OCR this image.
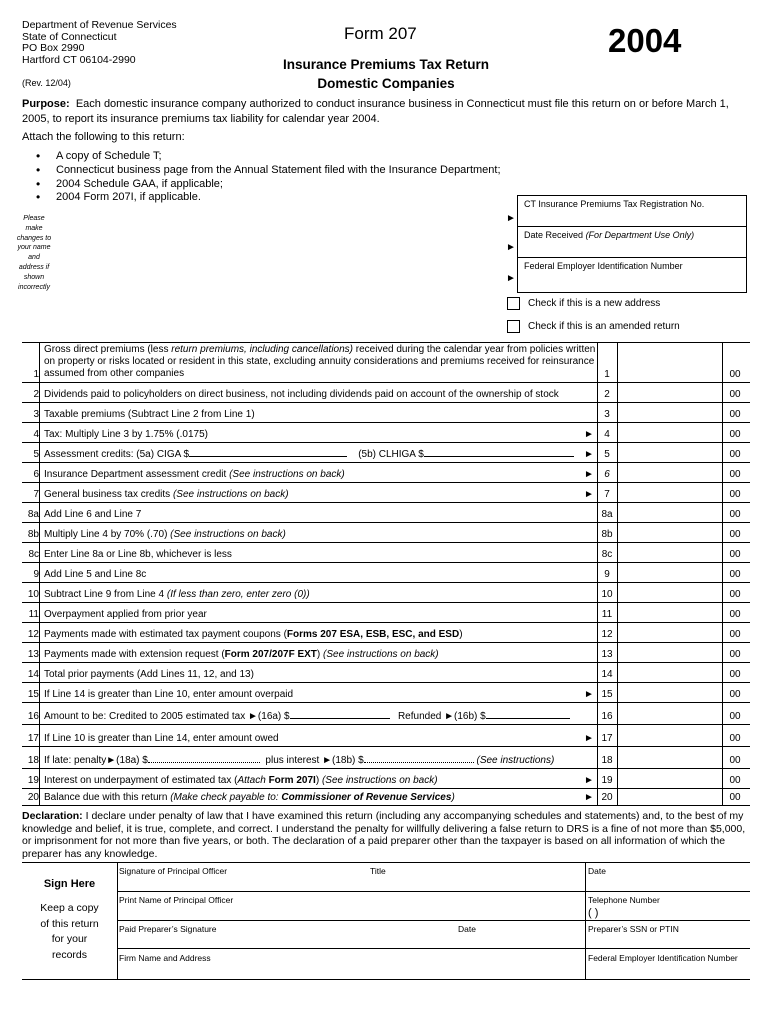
Department of Revenue Services
State of Connecticut
PO Box 2990
Hartford CT 06104-2990
(Rev. 12/04)
Form 207
Insurance Premiums Tax Return
Domestic Companies
2004
Purpose: Each domestic insurance company authorized to conduct insurance business in Connecticut must file this return on or before March 1, 2005, to report its insurance premiums tax liability for calendar year 2004.
Attach the following to this return:
• A copy of Schedule T;
• Connecticut business page from the Annual Statement filed with the Insurance Department;
• 2004 Schedule GAA, if applicable;
• 2004 Form 207I, if applicable.
Please
make
changes to
your name
and
address if
shown
incorrectly
►
►
►
CT Insurance Premiums Tax Registration No.
Date Received (For Department Use Only)
Federal Employer Identification Number
Check if this is a new address
Check if this is an amended return
1
Gross direct premiums (less return premiums, including cancellations) received during the calendar year from policies written on property or risks located or resident in this state, excluding annuity considerations and premiums received for reinsurance assumed from other companies	1	00
2 Dividends paid to policyholders on direct business, not including dividends paid on account of the ownership of stock	2	00
3 Taxable premiums (Subtract Line 2 from Line 1)	3	00
4 Tax: Multiply Line 3 by 1.75% (.0175)	►	4	00
5 Assessment credits: (5a) CIGA $	(5b) CLHIGA $	►	5	00
6 Insurance Department assessment credit (See instructions on back)	►	6	00
7 General business tax credits (See instructions on back)	►	7	00
8a Add Line 6 and Line 7	8a	00
8b Multiply Line 4 by 70% (.70) (See instructions on back)	8b	00
8c Enter Line 8a or Line 8b, whichever is less	8c	00
9 Add Line 5 and Line 8c	9	00
10 Subtract Line 9 from Line 4 (If less than zero, enter zero (0))	10	00
11 Overpayment applied from prior year	11	00
12 Payments made with estimated tax payment coupons (Forms 207 ESA, ESB, ESC, and ESD)	12	00
13 Payments made with extension request (Form 207/207F EXT) (See instructions on back)	13	00
14 Total prior payments (Add Lines 11, 12, and 13)	14	00
15 If Line 14 is greater than Line 10, enter amount overpaid	► 15	00
16 Amount to be: Credited to 2005 estimated tax ►(16a) $	Refunded ►(16b) $	16	00
17 If Line 10 is greater than Line 14, enter amount owed	► 17	00
18 If late: penalty►(18a) $	plus interest ►(18b) $	(See instructions)	18	00
19 Interest on underpayment of estimated tax (Attach Form 207I) (See instructions on back)	► 19	00
20 Balance due with this return (Make check payable to: Commissioner of Revenue Services)	► 20	00
Declaration: I declare under penalty of law that I have examined this return (including any accompanying schedules and statements) and, to the best of my knowledge and belief, it is true, complete, and correct. I understand the penalty for willfully delivering a false return to DRS is a fine of not more than $5,000, or imprisonment for not more than five years, or both. The declaration of a paid preparer other than the taxpayer is based on all information of which the preparer has any knowledge.
Sign Here
Keep a copy
of this return
for your
records
Signature of Principal Officer	Title	Date
Print Name of Principal Officer	Telephone Number
( )
Paid Preparer’s Signature	Date	Preparer’s SSN or PTIN
Firm Name and Address	Federal Employer Identification Number
